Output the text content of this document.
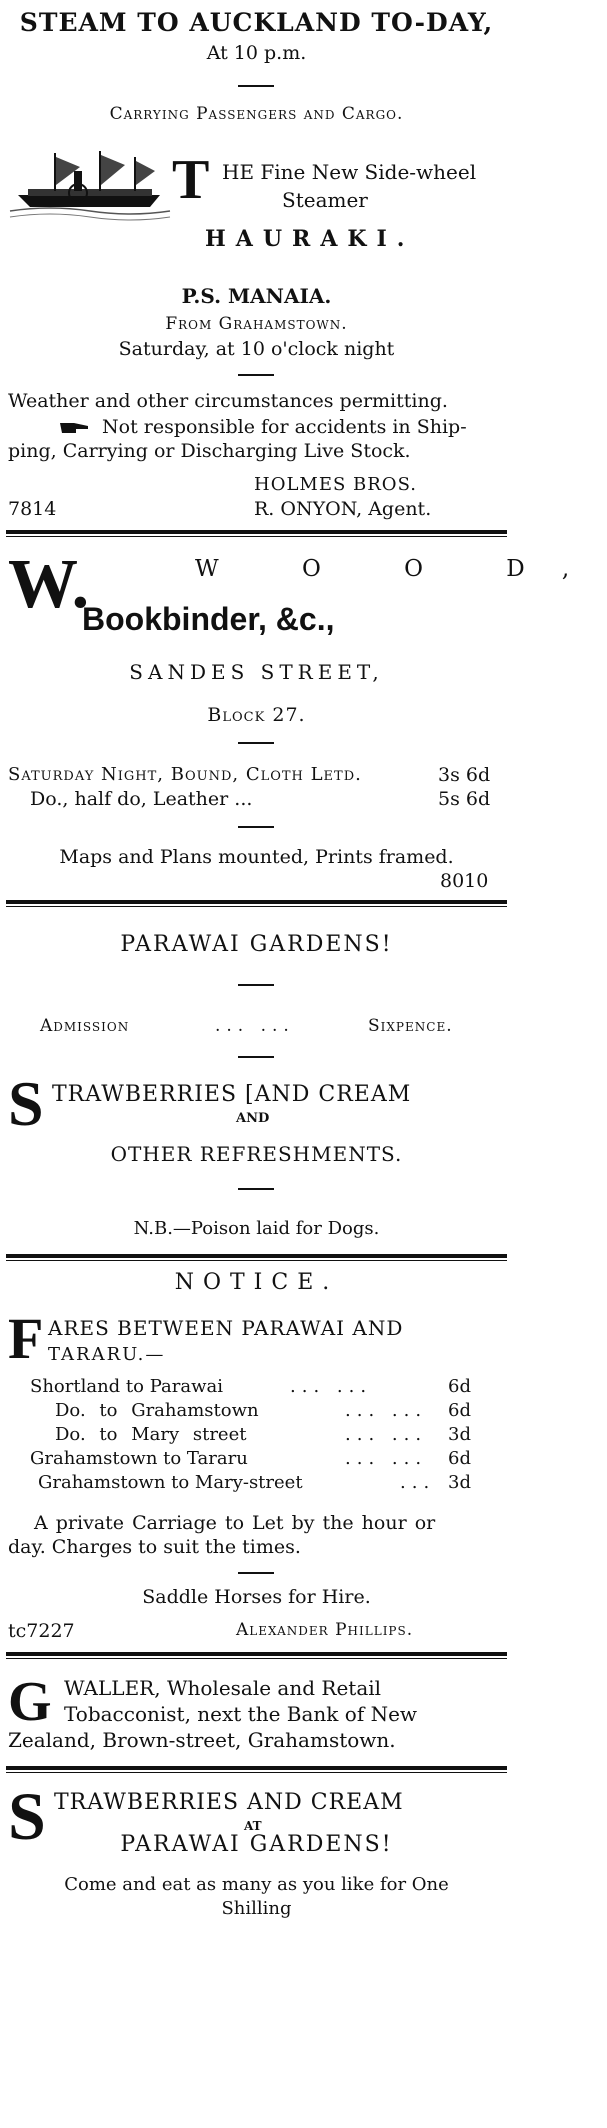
STEAM TO AUCKLAND TO-DAY,
At 10 p.m.
Carrying Passengers and Cargo.
T HE Fine New Side-wheel
Steamer
HAURAKI.
P.S. MANAIA.
From Grahamstown.
Saturday, at 10 o'clock night
Weather and other circumstances permitting.
Not responsible for accidents in Ship-
ping, Carrying or Discharging Live Stock.
HOLMES BROS.
7814	R. ONYON, Agent.
W.	W O O D,
Bookbinder, &c.,
SANDES STREET,
Block 27.
Saturday Night, Bound, Cloth Letd.	3s 6d
Do., half do, Leather ...	5s 6d
Maps and Plans mounted, Prints framed.
8010
PARAWAI GARDENS!
Admission	... ...	Sixpence.
S TRAWBERRIES [AND CREAM
AND
OTHER REFRESHMENTS.
N.B.—Poison laid for Dogs.
NOTICE.
F ARES BETWEEN PARAWAI AND
TARARU.—
Shortland to Parawai	... ...	6d
Do. to Grahamstown	... ... 6d
Do. to Mary street	... ... 3d
Grahamstown to Tararu	... ... 6d
Grahamstown to Mary-street	... 3d
A private Carriage to Let by the hour or
day. Charges to suit the times.
Saddle Horses for Hire.
tc7227	Alexander Phillips.
G WALLER, Wholesale and Retail
Tobacconist, next the Bank of New
Zealand, Brown-street, Grahamstown.
S TRAWBERRIES AND CREAM
AT
PARAWAI GARDENS!
Come and eat as many as you like for One
Shilling
